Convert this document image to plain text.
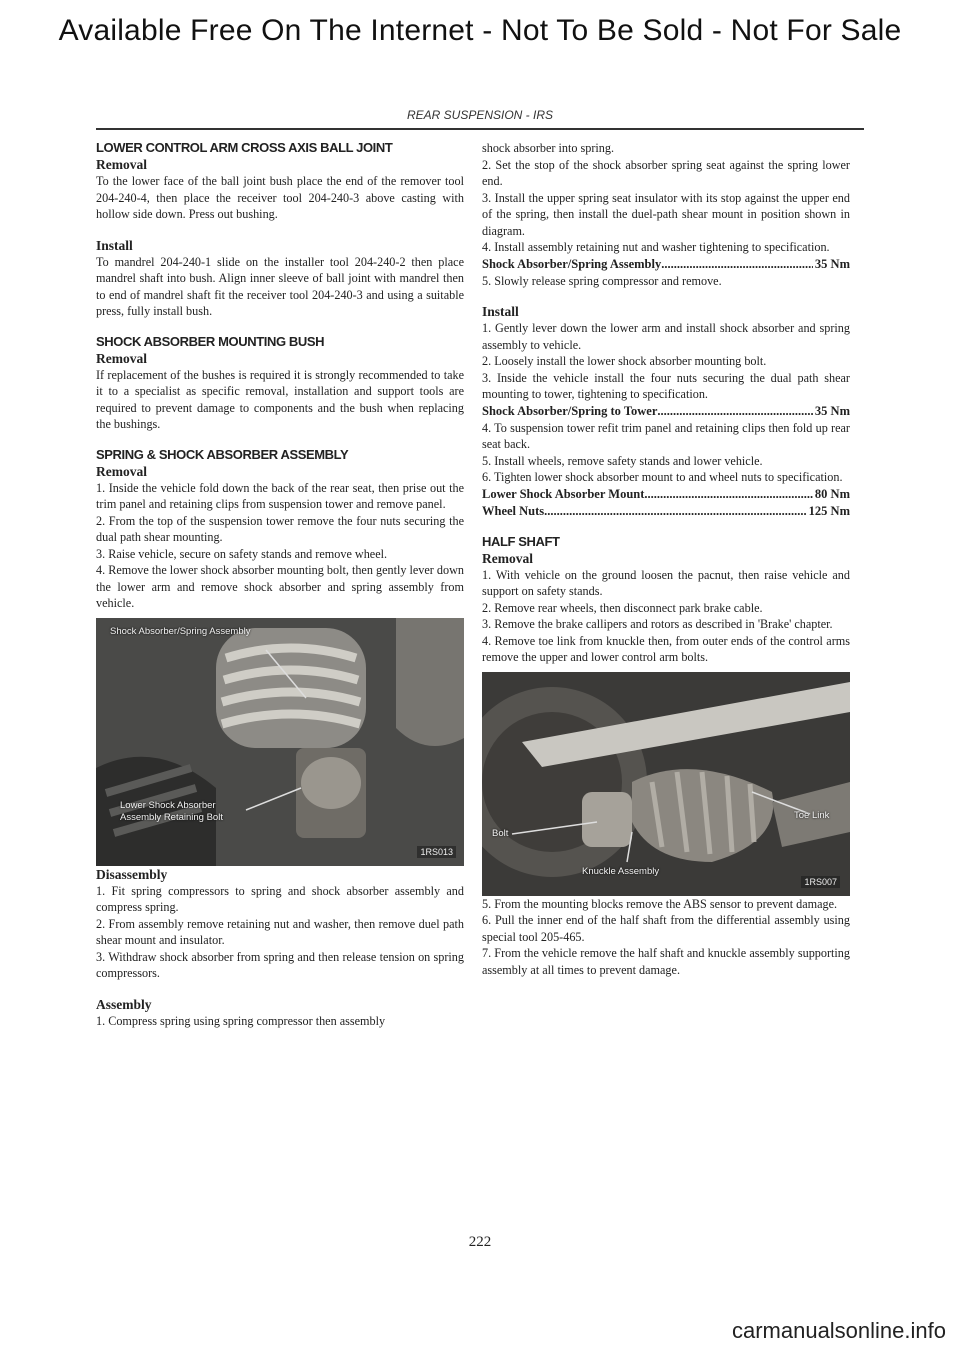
Available Free On The Internet - Not To Be Sold - Not For Sale
REAR SUSPENSION - IRS

LOWER CONTROL ARM CROSS AXIS BALL JOINT

Removal

To the lower face of the ball joint bush place the end of the remover tool 204-240-4, then place the receiver tool 204-240-3 above casting with hollow side down. Press out bushing.

Install

To mandrel 204-240-1 slide on the installer tool 204-240-2 then place mandrel shaft into bush. Align inner sleeve of ball joint with mandrel then to end of mandrel shaft fit the receiver tool 204-240-3 and using a suitable press, fully install bush.

SHOCK ABSORBER MOUNTING BUSH

Removal

If replacement of the bushes is required it is strongly recommended to take it to a specialist as specific removal, installation and support tools are required to prevent damage to components and the bush when replacing the bushings.

SPRING & SHOCK ABSORBER ASSEMBLY

Removal

1. Inside the vehicle fold down the back of the rear seat, then prise out the trim panel and retaining clips from suspension tower and remove panel.

2. From the top of the suspension tower remove the four nuts securing the dual path shear mounting.

3. Raise vehicle, secure on safety stands and remove wheel.

4. Remove the lower shock absorber mounting bolt, then gently lever down the lower arm and remove shock absorber and spring assembly from vehicle.

Shock Absorber/Spring Assembly
Lower Shock Absorber
Assembly Retaining Bolt
1RS013

Disassembly

1. Fit spring compressors to spring and shock absorber assembly and compress spring.

2. From assembly remove retaining nut and washer, then remove duel path shear mount and insulator.

3. Withdraw shock absorber from spring and then release tension on spring compressors.

Assembly

1. Compress spring using spring compressor then assembly

shock absorber into spring.

2. Set the stop of the shock absorber spring seat against the spring lower end.

3. Install the upper spring seat insulator with its stop against the upper end of the spring, then install the duel-path shear mount in position shown in diagram.

4. Install assembly retaining nut and washer tightening to specification.

Shock Absorber/Spring Assembly .....	35 Nm

5. Slowly release spring compressor and remove.

Install

1. Gently lever down the lower arm and install shock absorber and spring assembly to vehicle.

2. Loosely install the lower shock absorber mounting bolt.

3. Inside the vehicle install the four nuts securing the dual path shear mounting to tower, tightening to specification.

Shock Absorber/Spring to Tower .....	35 Nm

4. To suspension tower refit trim panel and retaining clips then fold up rear seat back.

5. Install wheels, remove safety stands and lower vehicle.

6. Tighten lower shock absorber mount to and wheel nuts to specification.

Lower Shock Absorber Mount .....	80 Nm
Wheel Nuts .....	125 Nm

HALF SHAFT

Removal

1. With vehicle on the ground loosen the pacnut, then raise vehicle and support on safety stands.

2. Remove rear wheels, then disconnect park brake cable.

3. Remove the brake callipers and rotors as described in 'Brake' chapter.

4. Remove toe link from knuckle then, from outer ends of the control arms remove the upper and lower control arm bolts.

Toe Link
Bolt
Knuckle Assembly
1RS007

5. From the mounting blocks remove the ABS sensor to prevent damage.

6. Pull the inner end of the half shaft from the differential assembly using special tool 205-465.

7. From the vehicle remove the half shaft and knuckle assembly supporting assembly at all times to prevent damage.

222
carmanualsonline.info
